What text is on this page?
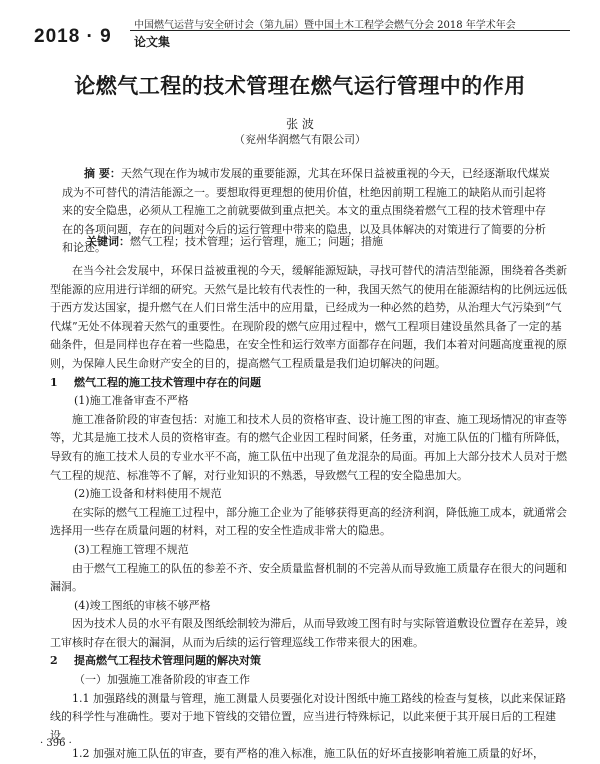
2018 · 9
中国燃气运营与安全研讨会（第九届）暨中国土木工程学会燃气分会 2018 年学术年会
论文集
论燃气工程的技术管理在燃气运行管理中的作用
张 波
（兖州华润燃气有限公司）

摘 要：天然气现在作为城市发展的重要能源，尤其在环保日益被重视的今天，已经逐渐取代煤炭成为不可替代的清洁能源之一。要想取得更理想的使用价值，杜绝因前期工程施工的缺陷从而引起将来的安全隐患，必须从工程施工之前就要做到重点把关。本文的重点围绕着燃气工程的技术管理中存在的各项问题，存在的问题对今后的运行管理中带来的隐患，以及具体解决的对策进行了简要的分析和论述。

关键词：燃气工程；技术管理；运行管理，施工；问题；措施

在当今社会发展中，环保日益被重视的今天，缓解能源短缺，寻找可替代的清洁型能源，围绕着各类新型能源的应用进行详细的研究。天然气是比较有代表性的一种，我国天然气的使用在能源结构的比例远远低于西方发达国家，提升燃气在人们日常生活中的应用量，已经成为一种必然的趋势，从治理大气污染到“气代煤”无处不体现着天然气的重要性。在现阶段的燃气应用过程中，燃气工程项目建设虽然具备了一定的基础条件，但是同样也存在着一些隐患，在安全性和运行效率方面都存在问题，我们本着对问题高度重视的原则，为保障人民生命财产安全的目的，提高燃气工程质量是我们迫切解决的问题。

1 燃气工程的施工技术管理中存在的问题

(1)施工准备审查不严格

施工准备阶段的审查包括：对施工和技术人员的资格审查、设计施工图的审查、施工现场情况的审查等等，尤其是施工技术人员的资格审查。有的燃气企业因工程时间紧，任务重，对施工队伍的门槛有所降低，导致有的施工技术人员的专业水平不高，施工队伍中出现了鱼龙混杂的局面。再加上大部分技术人员对于燃气工程的规范、标准等不了解，对行业知识的不熟悉，导致燃气工程的安全隐患加大。

(2)施工设备和材料使用不规范

在实际的燃气工程施工过程中，部分施工企业为了能够获得更高的经济利润，降低施工成本，就通常会选择用一些存在质量问题的材料，对工程的安全性造成非常大的隐患。

(3)工程施工管理不规范

由于燃气工程施工的队伍的参差不齐、安全质量监督机制的不完善从而导致施工质量存在很大的问题和漏洞。

(4)竣工图纸的审核不够严格

因为技术人员的水平有限及图纸绘制较为滞后，从而导致竣工图有时与实际管道敷设位置存在差异，竣工审核时存在很大的漏洞，从而为后续的运行管理巡线工作带来很大的困难。

2 提高燃气工程技术管理问题的解决对策

（一）加强施工准备阶段的审查工作

1.1 加强路线的测量与管理，施工测量人员要强化对设计图纸中施工路线的检查与复核，以此来保证路线的科学性与准确性。要对于地下管线的交错位置，应当进行特殊标记，以此来便于其开展日后的工程建设。

1.2 加强对施工队伍的审查，要有严格的准入标准，施工队伍的好坏直接影响着施工质量的好坏，

· 396 ·
